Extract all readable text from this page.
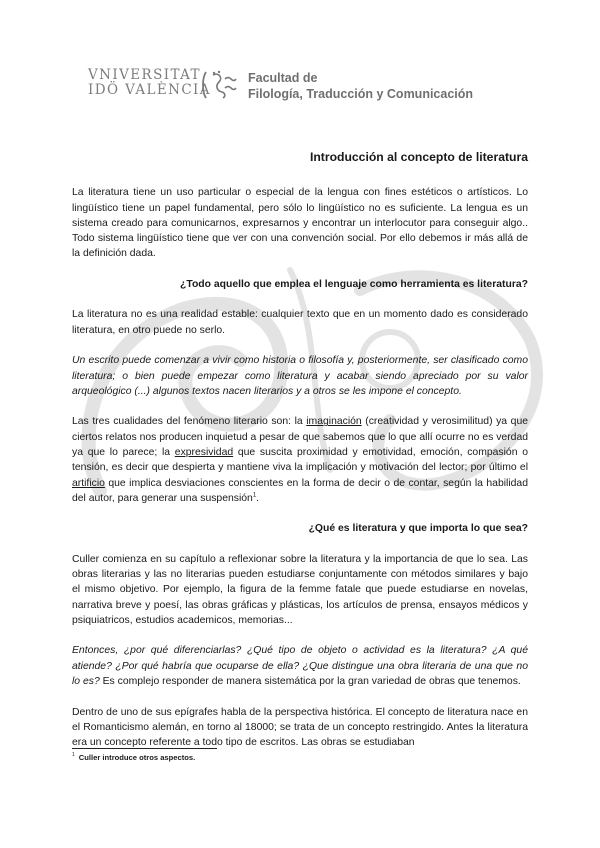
VNIVERSITAT
IDÖ VALÈNCIA
Facultad de
Filología, Traducción y Comunicación
Introducción al concepto de literatura

La literatura tiene un uso particular o especial de la lengua con fines estéticos o artísticos. Lo lingüístico tiene un papel fundamental, pero sólo lo lingüístico no es suficiente. La lengua es un sistema creado para comunicarnos, expresarnos y encontrar un interlocutor para conseguir algo.. Todo sistema lingüístico tiene que ver con una convención social. Por ello debemos ir más allá de la definición dada.

¿Todo aquello que emplea el lenguaje como herramienta es literatura?

La literatura no es una realidad estable: cualquier texto que en un momento dado es considerado literatura, en otro puede no serlo.

Un escrito puede comenzar a vivir como historia o filosofía y, posteriormente, ser clasificado como literatura; o bien puede empezar como literatura y acabar siendo apreciado por su valor arqueológico (...) algunos textos nacen literarios y a otros se les impone el concepto.

Las tres cualidades del fenómeno literario son: la imaginación (creatividad y verosimilitud) ya que ciertos relatos nos producen inquietud a pesar de que sabemos que lo que allí ocurre no es verdad ya que lo parece; la expresividad que suscita proximidad y emotividad, emoción, compasión o tensión, es decir que despierta y mantiene viva la implicación y motivación del lector; por último el artificio que implica desviaciones conscientes en la forma de decir o de contar, según la habilidad del autor, para generar una suspensión$^1$.

¿Qué es literatura y que importa lo que sea?

Culler comienza en su capítulo a reflexionar sobre la literatura y la importancia de que lo sea. Las obras literarias y las no literarias pueden estudiarse conjuntamente con métodos similares y bajo el mismo objetivo. Por ejemplo, la figura de la femme fatale que puede estudiarse en novelas, narrativa breve y poesí, las obras gráficas y plásticas, los artículos de prensa, ensayos médicos y psiquiatricos, estudios academicos, memorias...

Entonces, ¿por qué diferenciarlas? ¿Qué tipo de objeto o actividad es la literatura? ¿A qué atiende? ¿Por qué habría que ocuparse de ella? ¿Que distingue una obra literaria de una que no lo es? Es complejo responder de manera sistemática por la gran variedad de obras que tenemos.

Dentro de uno de sus epígrafes habla de la perspectiva histórica. El concepto de literatura nace en el Romanticismo alemán, en torno al 18000; se trata de un concepto restringido. Antes la literatura era un concepto referente a todo tipo de escritos. Las obras se estudiaban

$^1$ Culler introduce otros aspectos.
